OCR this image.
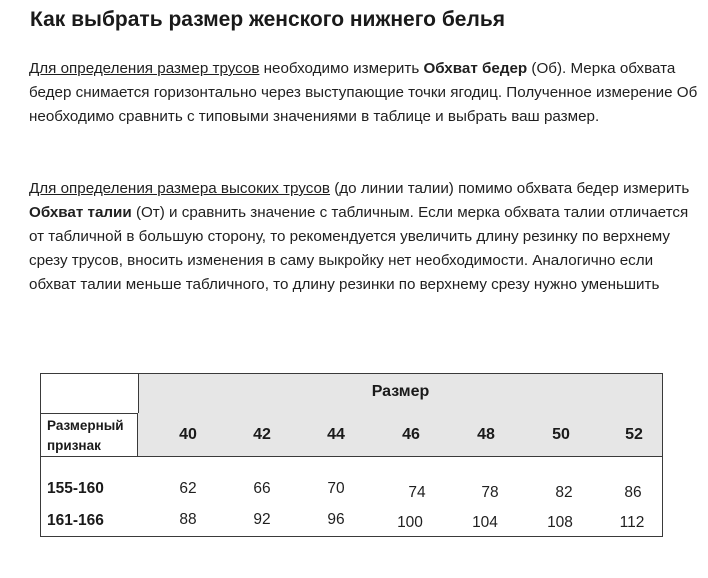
Как выбрать размер женского нижнего белья

Для определения размер трусов необходимо измерить Обхват бедер (Об). Мерка обхвата бедер снимается горизонтально через выступающие точки ягодиц. Полученное измерение Об необходимо сравнить с типовыми значениями в таблице и выбрать ваш размер.

Для определения размера высоких трусов (до линии талии) помимо обхвата бедер измерить Обхват талии (От) и сравнить значение с табличным. Если мерка обхвата талии отличается от табличной в большую сторону, то рекомендуется увеличить длину резинку по верхнему срезу трусов, вносить изменения в саму выкройку нет необходимости. Аналогично если обхват талии меньше табличного, то длину резинки по верхнему срезу нужно уменьшить

Размер
Размерный признак
40	42	44	46	48	50	52
155-160	62	66	70	74	78	82	86
161-166	88	92	96	100	104	108	112
